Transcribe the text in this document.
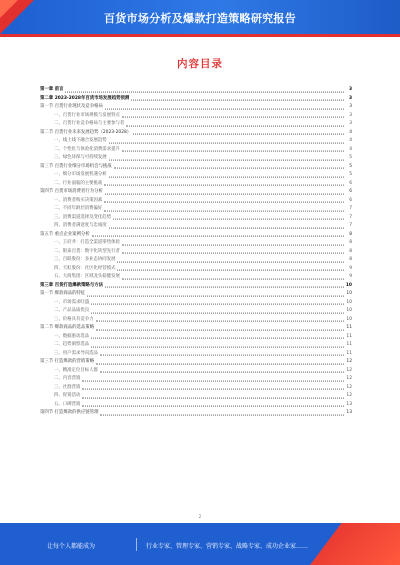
百货市场分析及爆款打造策略研究报告
内容目录
第一章 前言	3
第二章 2023-2028年百货市场发展趋势预测	3
第一节 百货行业现状及竞争格局	3
一、百货行业市场规模与发展特点	3
二、百货行业竞争格局与主要参与者	3
第二节 百货行业未来发展趋势（2023-2028）	4
一、线上线下融合发展趋势	4
二、个性化与体验化消费需求提升	4
三、绿色环保与可持续发展	5
第三节 百货行业细分市场机会与挑战	5
一、细分市场发展机遇分析	5
二、行业面临的主要挑战	6
第四节 百货市场消费者行为分析	6
一、消费者购买决策因素	6
二、不同年龄层消费偏好	7
三、消费渠道选择及变化趋势	7
四、消费者满意度与忠诚度	7
第五节 重点企业案例分析	8
一、王府井：打造全渠道零售体验	8
二、银泰百货：数字化转型先行者	8
三、百联股份：多业态协同发展	8
四、天虹股份：社区化经营模式	9
五、大商集团：区域龙头稳健发展	9
第三章 百货打造爆款策略与方法	10
第一节 爆款商品的特征	10
一、市场需求旺盛	10
二、产品品质优良	10
三、价格具有竞争力	10
第二节 爆款商品的选品策略	11
一、数据驱动选品	11
二、趋势洞察选品	11
三、用户需求导向选品	11
第三节 打造爆款的营销策略	12
一、精准定位目标人群	12
二、内容营销	12
三、社群营销	12
四、促销活动	12
五、口碑营销	13
第四节 打造爆款的供应链管理	13
2
让每个人都能成为	行业专家、管理专家、营销专家、战略专家、成功企业家……
